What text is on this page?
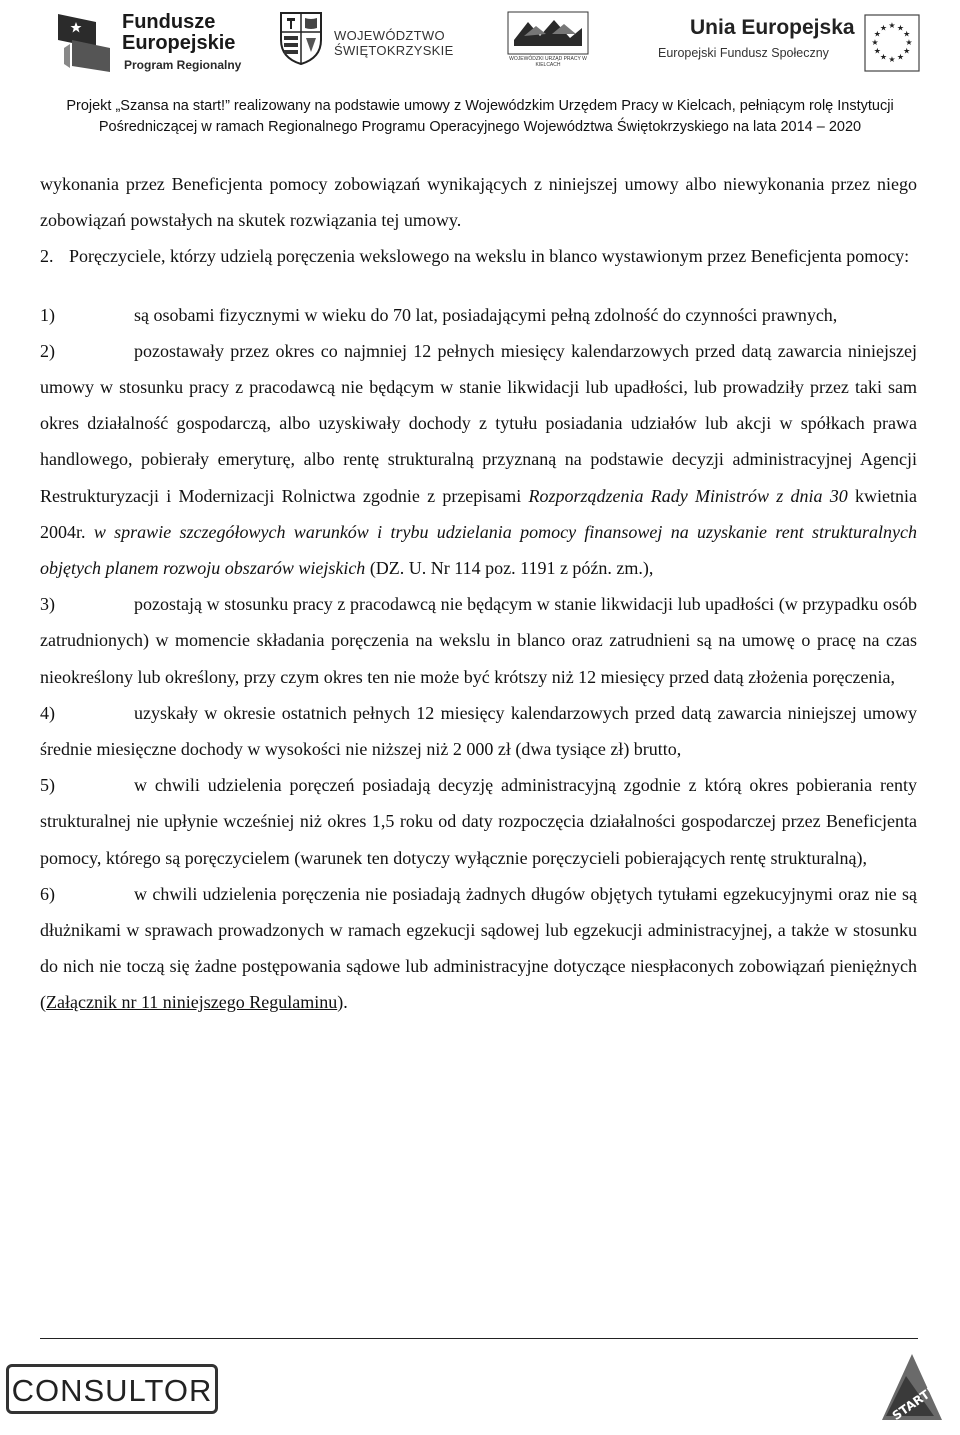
Fundusze
Europejskie
Program Regionalny
WOJEWÓDZTWO
ŚWIĘTOKRZYSKIE
WOJEWÓDZKI URZĄD PRACY W KIELCACH
Unia Europejska
Europejski Fundusz Społeczny
★ ★
★
★
★
★
★
★
★
★
★
★
Projekt „Szansa na start!” realizowany na podstawie umowy z Wojewódzkim Urzędem Pracy w Kielcach, pełniącym rolę Instytucji
Pośredniczącej w ramach Regionalnego Programu Operacyjnego Województwa Świętokrzyskiego na lata 2014 – 2020

wykonania przez Beneficjenta pomocy zobowiązań wynikających z niniejszej umowy albo niewykonania przez niego zobowiązań powstałych na skutek rozwiązania tej umowy.

2. Poręczyciele, którzy udzielą poręczenia wekslowego na wekslu in blanco wystawionym przez Beneficjenta pomocy:

1)	są osobami fizycznymi w wieku do 70 lat, posiadającymi pełną zdolność do czynności prawnych,

2)	pozostawały przez okres co najmniej 12 pełnych miesięcy kalendarzowych przed datą zawarcia niniejszej umowy w stosunku pracy z pracodawcą nie będącym w stanie likwidacji lub upadłości, lub prowadziły przez taki sam okres działalność gospodarczą, albo uzyskiwały dochody z tytułu posiadania udziałów lub akcji w spółkach prawa handlowego, pobierały emeryturę, albo rentę strukturalną przyznaną na podstawie decyzji administracyjnej Agencji Restrukturyzacji i Modernizacji Rolnictwa zgodnie z przepisami Rozporządzenia Rady Ministrów z dnia 30 kwietnia 2004r. w sprawie szczegółowych warunków i trybu udzielania pomocy finansowej na uzyskanie rent strukturalnych objętych planem rozwoju obszarów wiejskich (DZ. U. Nr 114 poz. 1191 z późn. zm.),

3)	pozostają w stosunku pracy z pracodawcą nie będącym w stanie likwidacji lub upadłości (w przypadku osób zatrudnionych) w momencie składania poręczenia na wekslu in blanco oraz zatrudnieni są na umowę o pracę na czas nieokreślony lub określony, przy czym okres ten nie może być krótszy niż 12 miesięcy przed datą złożenia poręczenia,

4)	uzyskały w okresie ostatnich pełnych 12 miesięcy kalendarzowych przed datą zawarcia niniejszej umowy średnie miesięczne dochody w wysokości nie niższej niż 2 000 zł (dwa tysiące zł) brutto,

5)	w chwili udzielenia poręczeń posiadają decyzję administracyjną zgodnie z którą okres pobierania renty strukturalnej nie upłynie wcześniej niż okres 1,5 roku od daty rozpoczęcia działalności gospodarczej przez Beneficjenta pomocy, którego są poręczycielem (warunek ten dotyczy wyłącznie poręczycieli pobierających rentę strukturalną),

6)	w chwili udzielenia poręczenia nie posiadają żadnych długów objętych tytułami egzekucyjnymi oraz nie są dłużnikami w sprawach prowadzonych w ramach egzekucji sądowej lub egzekucji administracyjnej, a także w stosunku do nich nie toczą się żadne postępowania sądowe lub administracyjne dotyczące niespłaconych zobowiązań pieniężnych (Załącznik nr 11 niniejszego Regulaminu).

CONSULTOR	START!
